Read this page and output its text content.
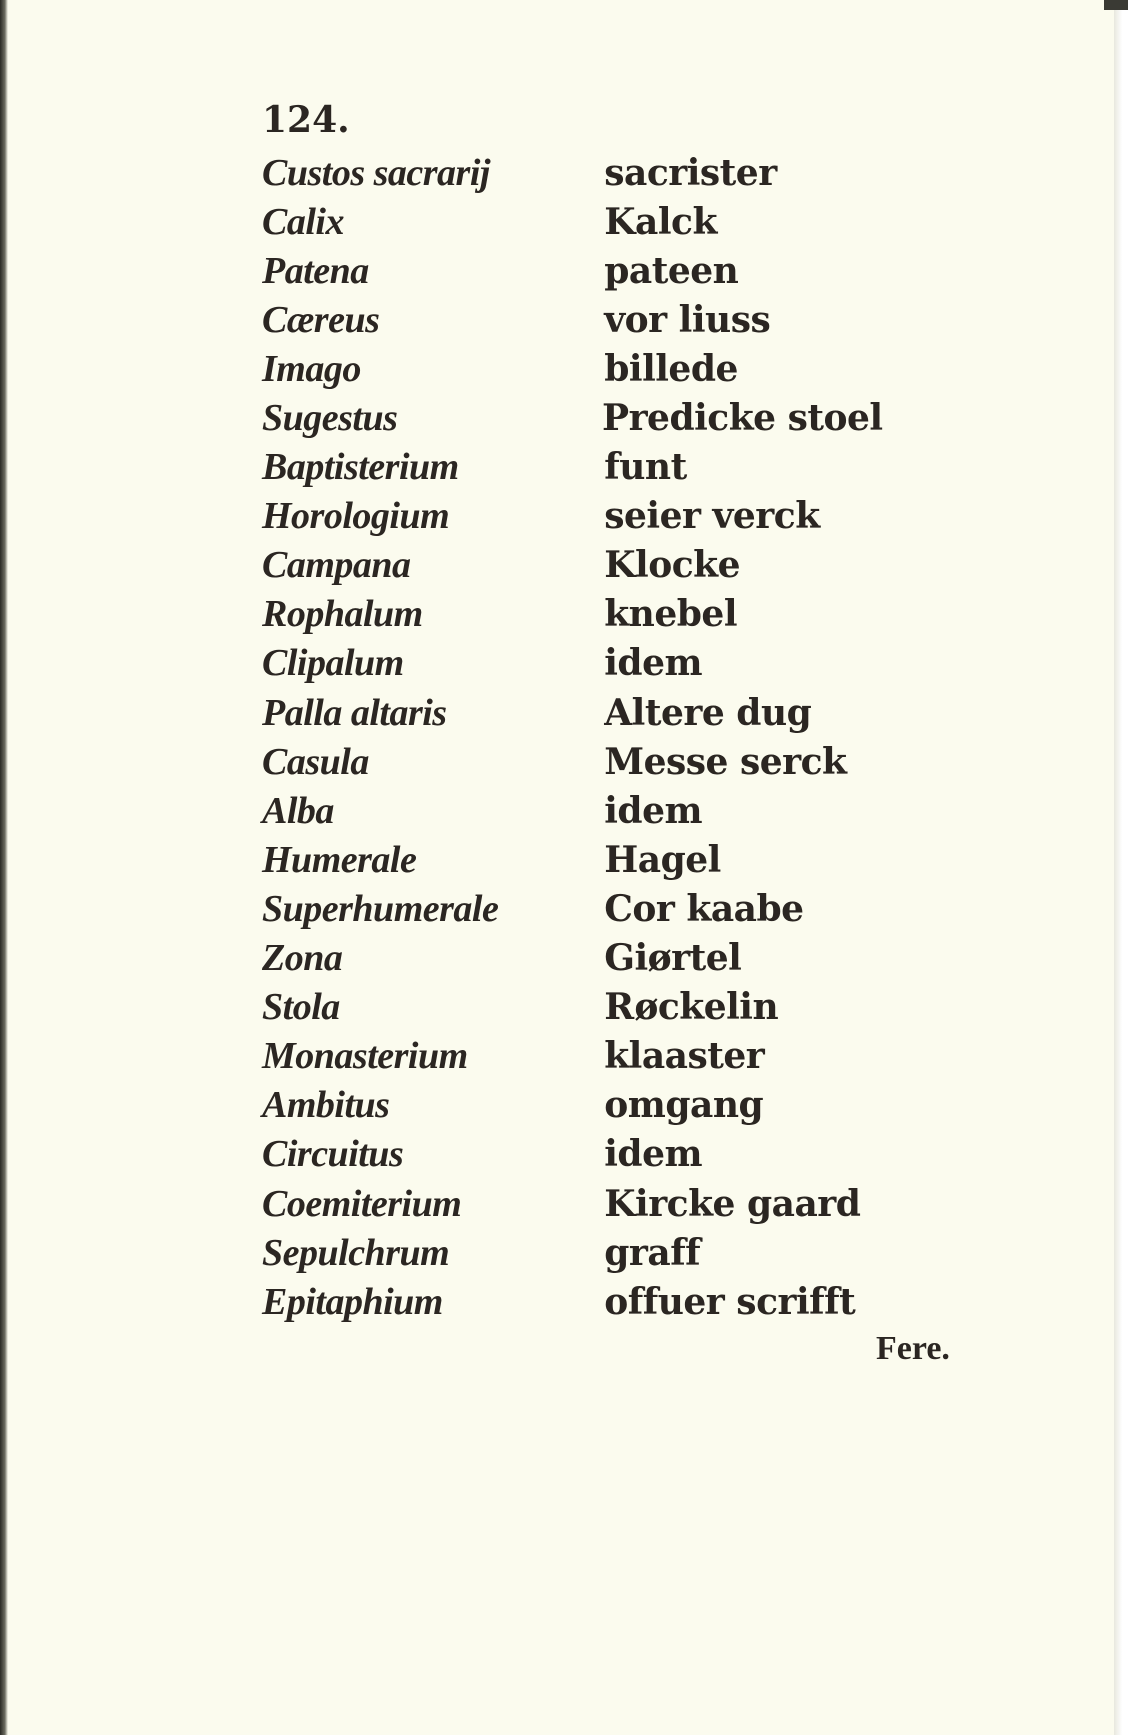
124.
Custos sacrarij	sacrister
Calix	Kalck
Patena	pateen
Cæreus	vor liuss
Imago	billede
Sugestus	Predicke stoel
Baptisterium	funt
Horologium	seier verck
Campana	Klocke
Rophalum	knebel
Clipalum	idem
Palla altaris	Altere dug
Casula	Messe serck
Alba	idem
Humerale	Hagel
Superhumerale	Cor kaabe
Zona	Giørtel
Stola	Røckelin
Monasterium	klaaster
Ambitus	omgang
Circuitus	idem
Coemiterium	Kircke gaard
Sepulchrum	graff
Epitaphium	offuer scrifft
Fere.
